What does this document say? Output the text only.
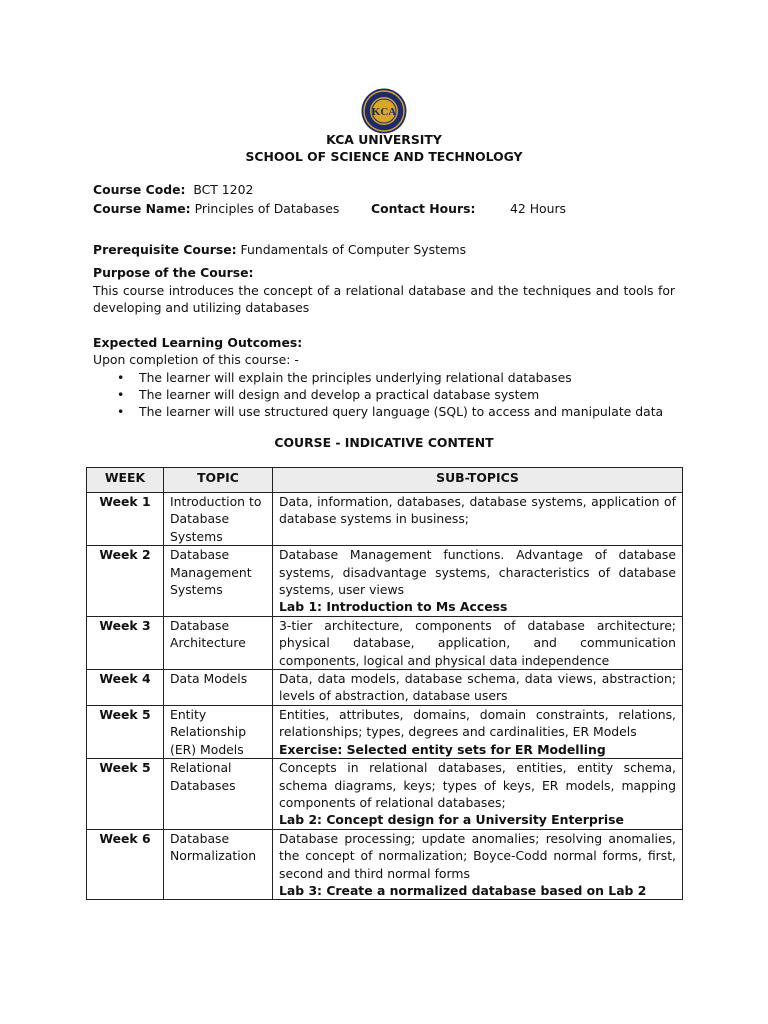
KCA
KCA UNIVERSITY
SCHOOL OF SCIENCE AND TECHNOLOGY
Course Code: BCT 1202
Course Name: Principles of Databases	Contact Hours:	42 Hours
Prerequisite Course: Fundamentals of Computer Systems
Purpose of the Course:
This course introduces the concept of a relational database and the techniques and tools for developing and utilizing databases
Expected Learning Outcomes:
Upon completion of this course: -
• The learner will explain the principles underlying relational databases
• The learner will design and develop a practical database system
• The learner will use structured query language (SQL) to access and manipulate data
COURSE - INDICATIVE CONTENT
WEEK	TOPIC	SUB-TOPICS
Week 1	Introduction to Database Systems	Data, information, databases, database systems, application of database systems in business;
Week 2	Database Management Systems	Database Management functions. Advantage of database systems, disadvantage systems, characteristics of database systems, user views
Lab 1: Introduction to Ms Access

Week 3	Database Architecture	3-tier architecture, components of database architecture; physical database, application, and communication components, logical and physical data independence
Week 4	Data Models	Data, data models, database schema, data views, abstraction; levels of abstraction, database users
Week 5	Entity Relationship (ER) Models	Entities, attributes, domains, domain constraints, relations, relationships; types, degrees and cardinalities, ER Models
Exercise: Selected entity sets for ER Modelling

Week 5	Relational Databases	Concepts in relational databases, entities, entity schema, schema diagrams, keys; types of keys, ER models, mapping components of relational databases;
Lab 2: Concept design for a University Enterprise

Week 6	Database Normalization	Database processing; update anomalies; resolving anomalies, the concept of normalization; Boyce-Codd normal forms, first, second and third normal forms
Lab 3: Create a normalized database based on Lab 2
